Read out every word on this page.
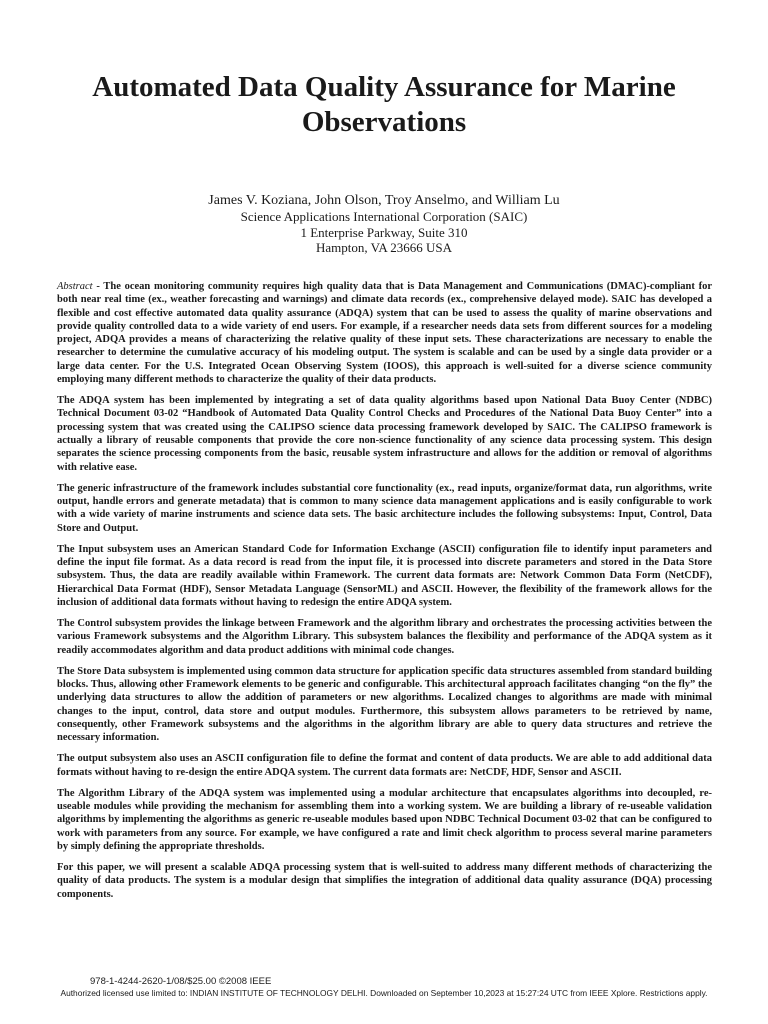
Automated Data Quality Assurance for Marine Observations
James V. Koziana, John Olson, Troy Anselmo, and William Lu
Science Applications International Corporation (SAIC)
1 Enterprise Parkway, Suite 310
Hampton, VA 23666 USA

Abstract - The ocean monitoring community requires high quality data that is Data Management and Communications (DMAC)-compliant for both near real time (ex., weather forecasting and warnings) and climate data records (ex., comprehensive delayed mode). SAIC has developed a flexible and cost effective automated data quality assurance (ADQA) system that can be used to assess the quality of marine observations and provide quality controlled data to a wide variety of end users. For example, if a researcher needs data sets from different sources for a modeling project, ADQA provides a means of characterizing the relative quality of these input sets. These characterizations are necessary to enable the researcher to determine the cumulative accuracy of his modeling output. The system is scalable and can be used by a single data provider or a large data center. For the U.S. Integrated Ocean Observing System (IOOS), this approach is well-suited for a diverse science community employing many different methods to characterize the quality of their data products.

The ADQA system has been implemented by integrating a set of data quality algorithms based upon National Data Buoy Center (NDBC) Technical Document 03-02 “Handbook of Automated Data Quality Control Checks and Procedures of the National Data Buoy Center” into a processing system that was created using the CALIPSO science data processing framework developed by SAIC. The CALIPSO framework is actually a library of reusable components that provide the core non-science functionality of any science data processing system. This design separates the science processing components from the basic, reusable system infrastructure and allows for the addition or removal of algorithms with relative ease.

The generic infrastructure of the framework includes substantial core functionality (ex., read inputs, organize/format data, run algorithms, write output, handle errors and generate metadata) that is common to many science data management applications and is easily configurable to work with a wide variety of marine instruments and science data sets. The basic architecture includes the following subsystems: Input, Control, Data Store and Output.

The Input subsystem uses an American Standard Code for Information Exchange (ASCII) configuration file to identify input parameters and define the input file format. As a data record is read from the input file, it is processed into discrete parameters and stored in the Data Store subsystem. Thus, the data are readily available within Framework. The current data formats are: Network Common Data Form (NetCDF), Hierarchical Data Format (HDF), Sensor Metadata Language (SensorML) and ASCII. However, the flexibility of the framework allows for the inclusion of additional data formats without having to redesign the entire ADQA system.

The Control subsystem provides the linkage between Framework and the algorithm library and orchestrates the processing activities between the various Framework subsystems and the Algorithm Library. This subsystem balances the flexibility and performance of the ADQA system as it readily accommodates algorithm and data product additions with minimal code changes.

The Store Data subsystem is implemented using common data structure for application specific data structures assembled from standard building blocks. Thus, allowing other Framework elements to be generic and configurable. This architectural approach facilitates changing “on the fly” the underlying data structures to allow the addition of parameters or new algorithms. Localized changes to algorithms are made with minimal changes to the input, control, data store and output modules. Furthermore, this subsystem allows parameters to be retrieved by name, consequently, other Framework subsystems and the algorithms in the algorithm library are able to query data structures and retrieve the necessary information.

The output subsystem also uses an ASCII configuration file to define the format and content of data products. We are able to add additional data formats without having to re-design the entire ADQA system. The current data formats are: NetCDF, HDF, Sensor and ASCII.

The Algorithm Library of the ADQA system was implemented using a modular architecture that encapsulates algorithms into decoupled, re-useable modules while providing the mechanism for assembling them into a working system. We are building a library of re-useable validation algorithms by implementing the algorithms as generic re-useable modules based upon NDBC Technical Document 03-02 that can be configured to work with parameters from any source. For example, we have configured a rate and limit check algorithm to process several marine parameters by simply defining the appropriate thresholds.

For this paper, we will present a scalable ADQA processing system that is well-suited to address many different methods of characterizing the quality of data products. The system is a modular design that simplifies the integration of additional data quality assurance (DQA) processing components.

978-1-4244-2620-1/08/$25.00 ©2008 IEEE
Authorized licensed use limited to: INDIAN INSTITUTE OF TECHNOLOGY DELHI. Downloaded on September 10,2023 at 15:27:24 UTC from IEEE Xplore. Restrictions apply.
